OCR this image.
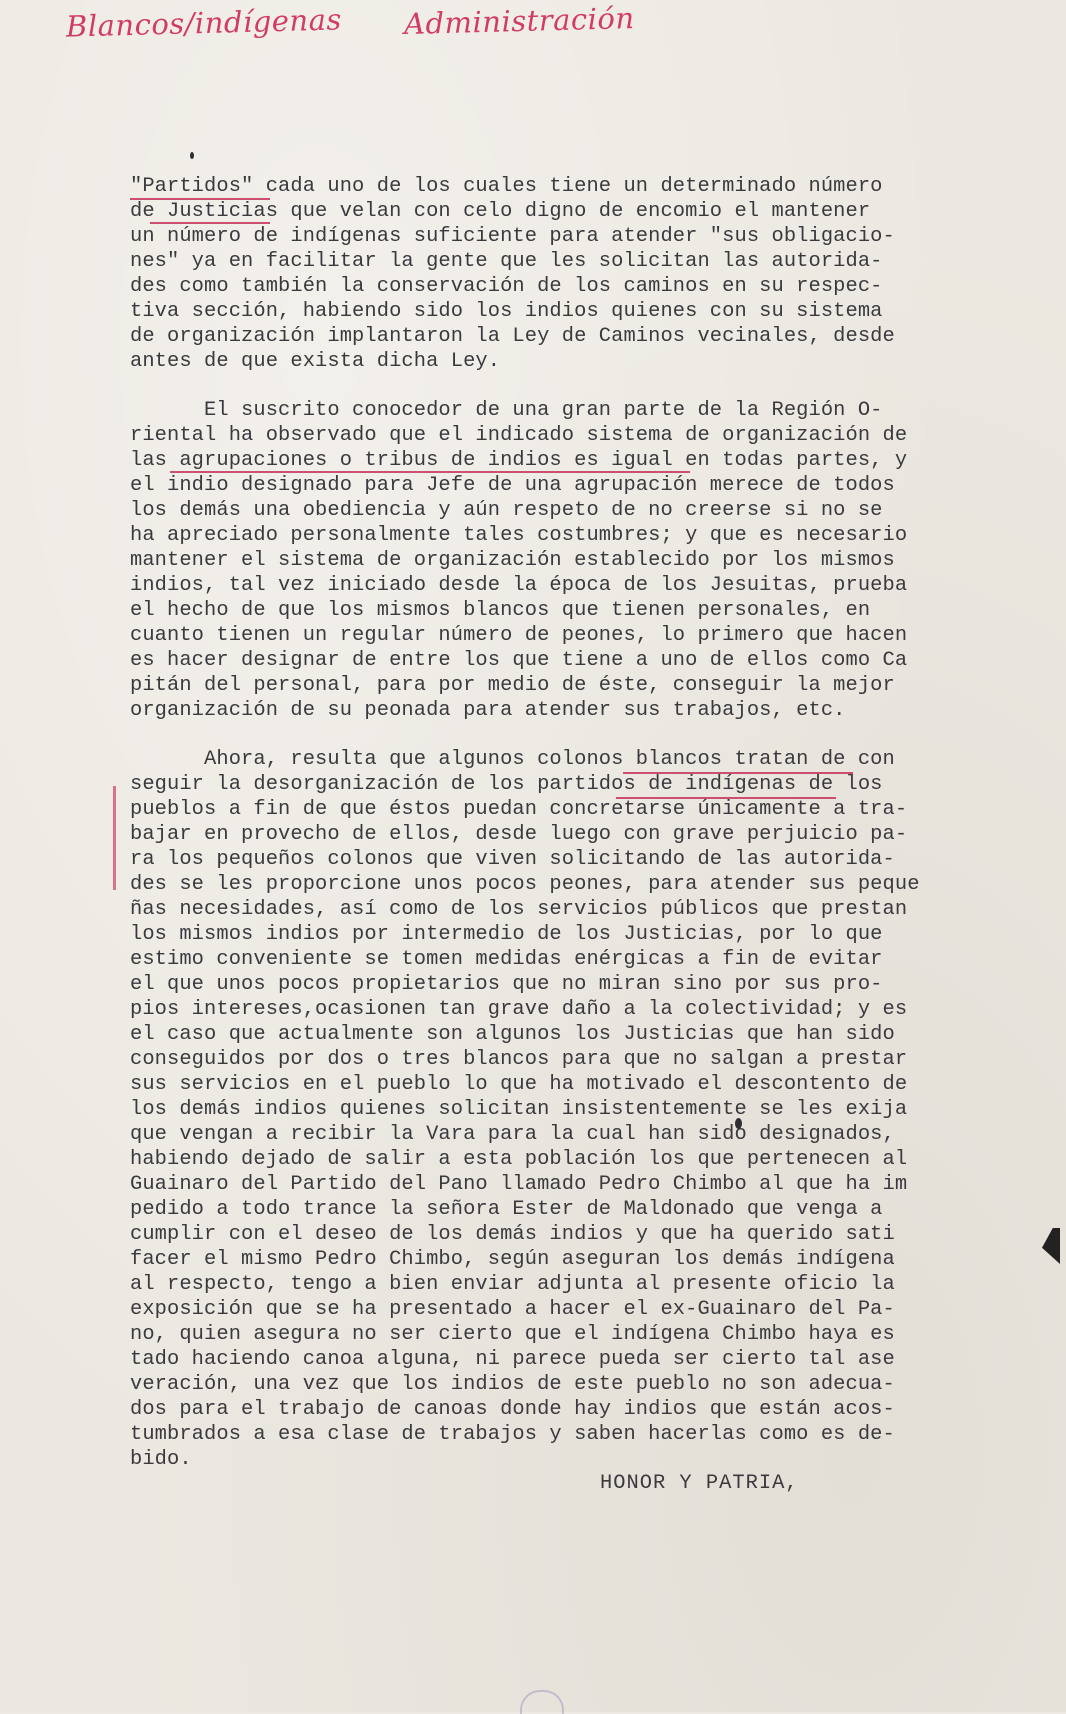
Blancos/indígenas Administración
"Partidos" cada uno de los cuales tiene un determinado número
de Justicias que velan con celo digno de encomio el mantener
un número de indígenas suficiente para atender "sus obligacio-
nes" ya en facilitar la gente que les solicitan las autorida-
des como también la conservación de los caminos en su respec-
tiva sección, habiendo sido los indios quienes con su sistema
de organización implantaron la Ley de Caminos vecinales, desde
antes de que exista dicha Ley.
El suscrito conocedor de una gran parte de la Región O-
riental ha observado que el indicado sistema de organización de
las agrupaciones o tribus de indios es igual en todas partes, y
el indio designado para Jefe de una agrupación merece de todos
los demás una obediencia y aún respeto de no creerse si no se
ha apreciado personalmente tales costumbres; y que es necesario
mantener el sistema de organización establecido por los mismos
indios, tal vez iniciado desde la época de los Jesuitas, prueba
el hecho de que los mismos blancos que tienen personales, en
cuanto tienen un regular número de peones, lo primero que hacen
es hacer designar de entre los que tiene a uno de ellos como Ca
pitán del personal, para por medio de éste, conseguir la mejor
organización de su peonada para atender sus trabajos, etc.
Ahora, resulta que algunos colonos blancos tratan de con
seguir la desorganización de los partidos de indígenas de los
pueblos a fin de que éstos puedan concretarse únicamente a tra-
bajar en provecho de ellos, desde luego con grave perjuicio pa-
ra los pequeños colonos que viven solicitando de las autorida-
des se les proporcione unos pocos peones, para atender sus peque
ñas necesidades, así como de los servicios públicos que prestan
los mismos indios por intermedio de los Justicias, por lo que
estimo conveniente se tomen medidas enérgicas a fin de evitar
el que unos pocos propietarios que no miran sino por sus pro-
pios intereses,ocasionen tan grave daño a la colectividad; y es
el caso que actualmente son algunos los Justicias que han sido
conseguidos por dos o tres blancos para que no salgan a prestar
sus servicios en el pueblo lo que ha motivado el descontento de
los demás indios quienes solicitan insistentemente se les exija
que vengan a recibir la Vara para la cual han sido designados,
habiendo dejado de salir a esta población los que pertenecen al
Guainaro del Partido del Pano llamado Pedro Chimbo al que ha im
pedido a todo trance la señora Ester de Maldonado que venga a
cumplir con el deseo de los demás indios y que ha querido sati
facer el mismo Pedro Chimbo, según aseguran los demás indígena
al respecto, tengo a bien enviar adjunta al presente oficio la
exposición que se ha presentado a hacer el ex-Guainaro del Pa-
no, quien asegura no ser cierto que el indígena Chimbo haya es
tado haciendo canoa alguna, ni parece pueda ser cierto tal ase
veración, una vez que los indios de este pueblo no son adecua-
dos para el trabajo de canoas donde hay indios que están acos-
tumbrados a esa clase de trabajos y saben hacerlas como es de-
bido.
HONOR Y PATRIA,
